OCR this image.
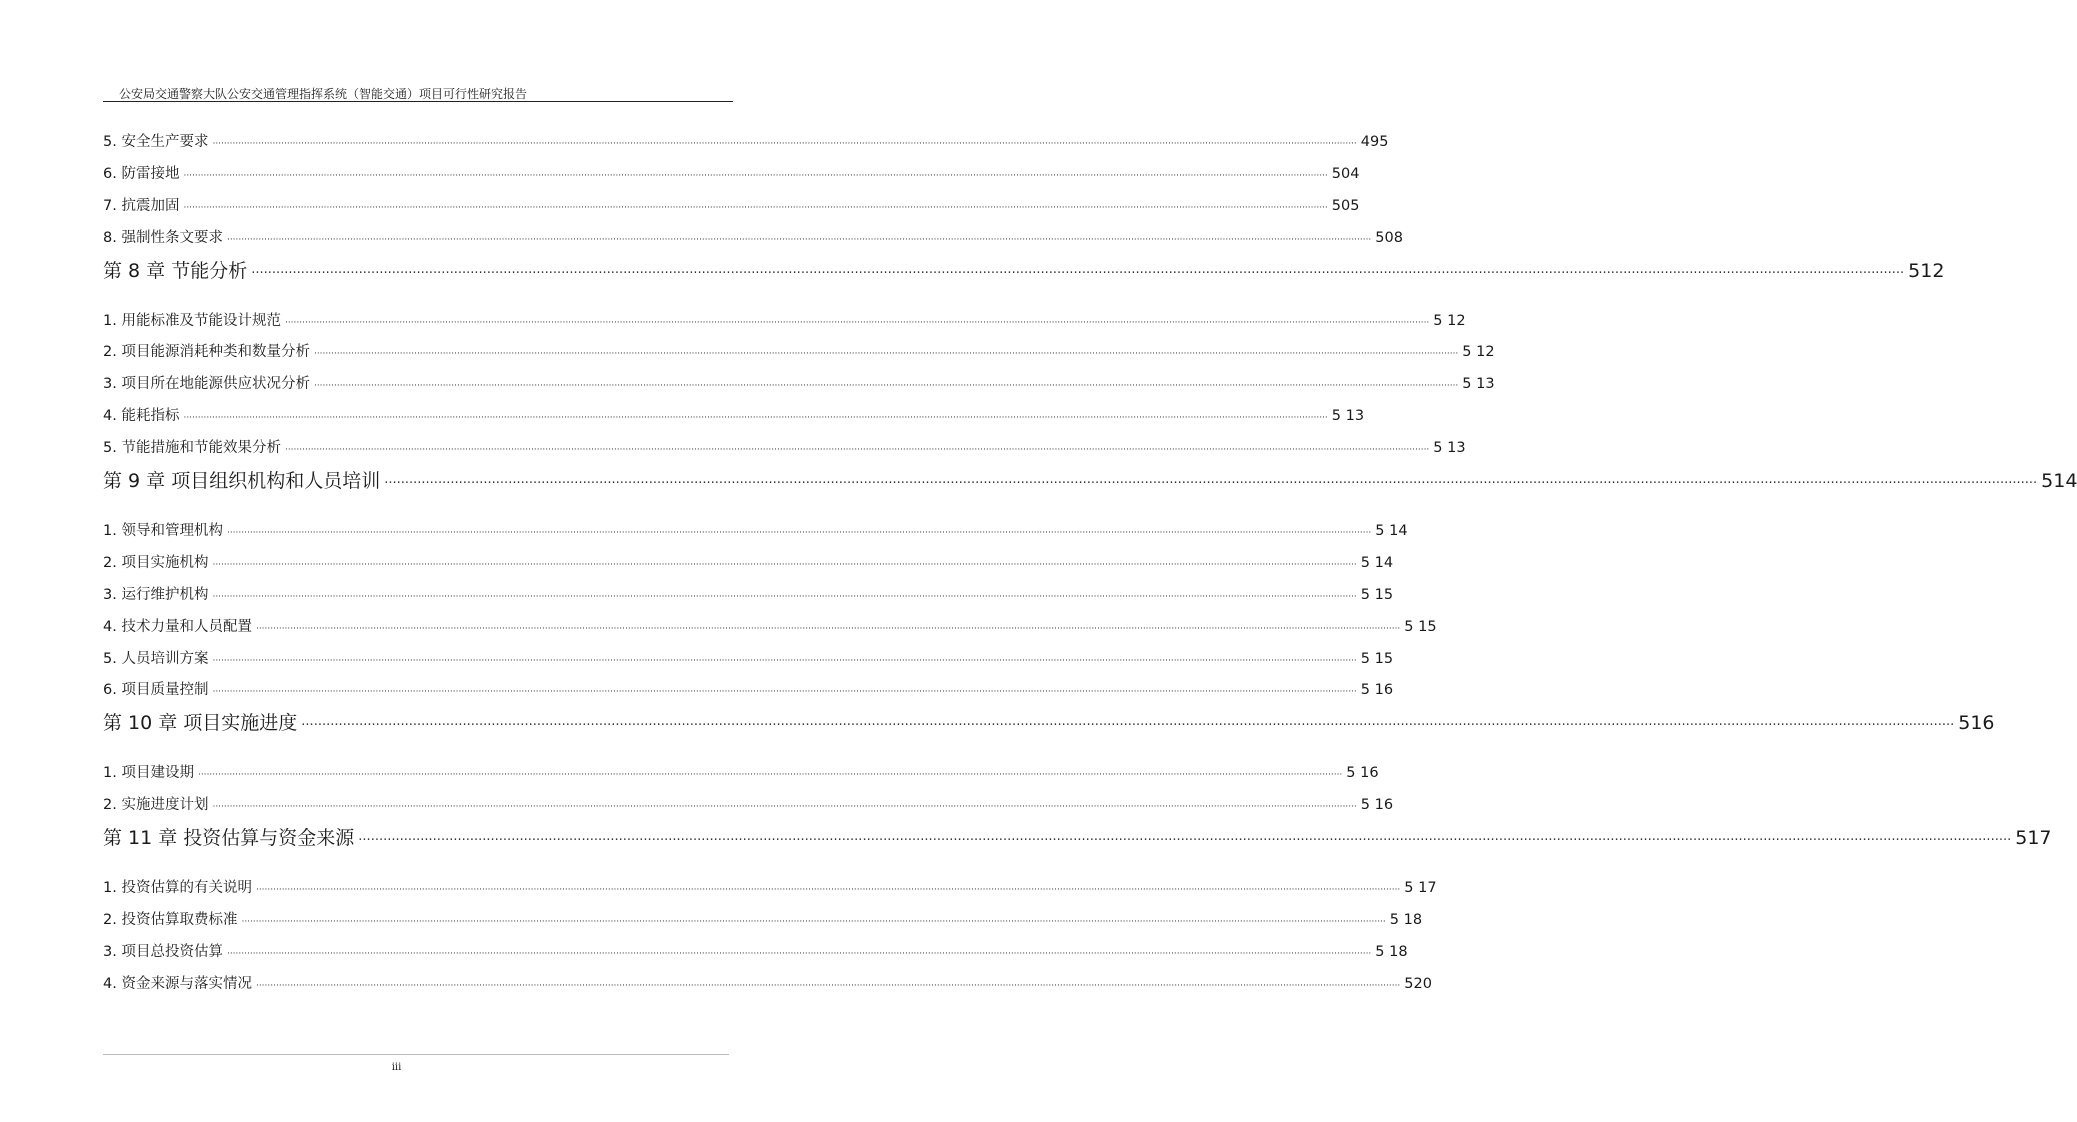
公安局交通警察大队公安交通管理指挥系统（智能交通）项目可行性研究报告
5. 安全生产要求 ················································································································································································································································································································································································································ 495
6. 防雷接地 ················································································································································································································································································································································································································ 504
7. 抗震加固 ················································································································································································································································································································································································································ 505
8. 强制性条文要求 ················································································································································································································································································································································································································ 508
第 8 章 节能分析 ················································································································································································································································································································································································································ 512
1. 用能标准及节能设计规范 ················································································································································································································································································································································································································ 5 12
2. 项目能源消耗种类和数量分析 ················································································································································································································································································································································································································ 5 12
3. 项目所在地能源供应状况分析 ················································································································································································································································································································································································································ 5 13
4. 能耗指标 ················································································································································································································································································································································································································ 5 13
5. 节能措施和节能效果分析 ················································································································································································································································································································································································································ 5 13
第 9 章 项目组织机构和人员培训 ················································································································································································································································································································································································································ 514
1. 领导和管理机构 ················································································································································································································································································································································································································ 5 14
2. 项目实施机构 ················································································································································································································································································································································································································ 5 14
3. 运行维护机构 ················································································································································································································································································································································································································ 5 15
4. 技术力量和人员配置 ················································································································································································································································································································································································································ 5 15
5. 人员培训方案 ················································································································································································································································································································································································································ 5 15
6. 项目质量控制 ················································································································································································································································································································································································································ 5 16
第 10 章 项目实施进度 ················································································································································································································································································································································································································ 516
1. 项目建设期 ················································································································································································································································································································································································································ 5 16
2. 实施进度计划 ················································································································································································································································································································································································································ 5 16
第 11 章 投资估算与资金来源 ················································································································································································································································································································································································································ 517
1. 投资估算的有关说明 ················································································································································································································································································································································································································ 5 17
2. 投资估算取费标准 ················································································································································································································································································································································································································ 5 18
3. 项目总投资估算 ················································································································································································································································································································································································································ 5 18
4. 资金来源与落实情况 ················································································································································································································································································································································································································ 520
iii
